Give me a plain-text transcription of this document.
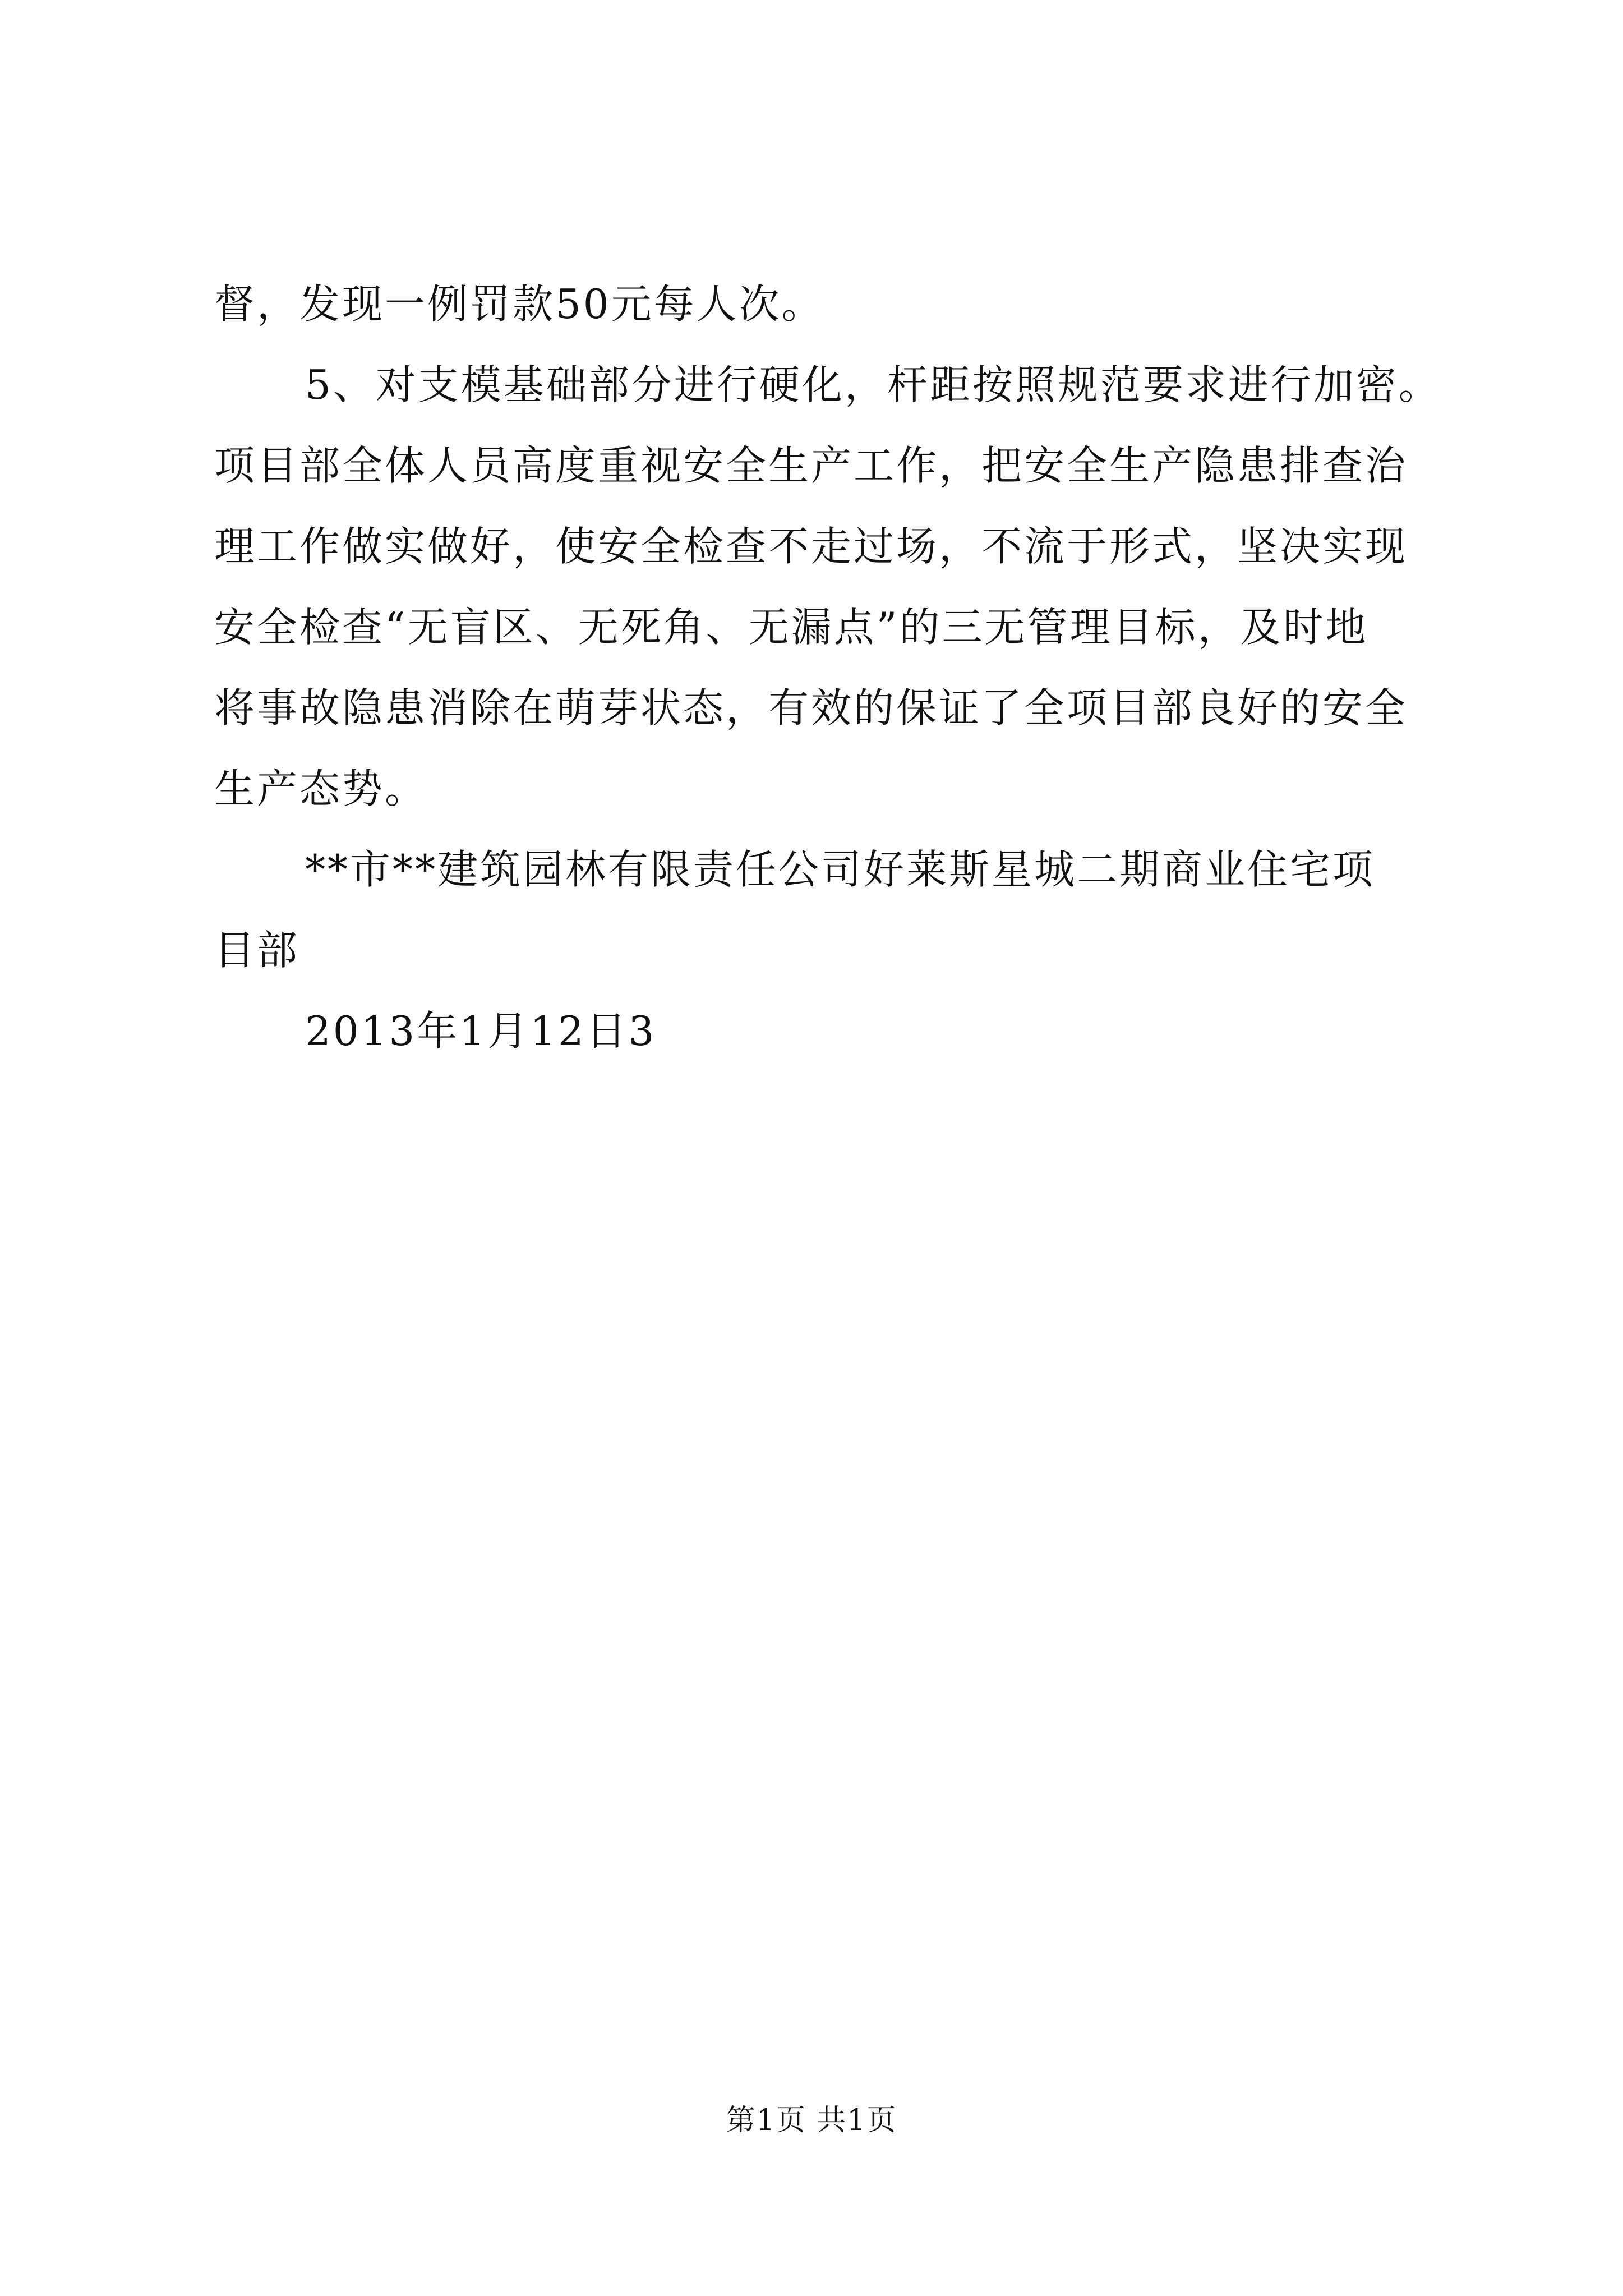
督，发现一例罚款50元每人次。
5、对支模基础部分进行硬化，杆距按照规范要求进行加密。
项目部全体人员高度重视安全生产工作，把安全生产隐患排查治
理工作做实做好，使安全检查不走过场，不流于形式，坚决实现
安全检查“无盲区、无死角、无漏点”的三无管理目标，及时地
将事故隐患消除在萌芽状态，有效的保证了全项目部良好的安全
生产态势。
**市**建筑园林有限责任公司好莱斯星城二期商业住宅项
目部
2013年1月12日3
第1页 共1页
